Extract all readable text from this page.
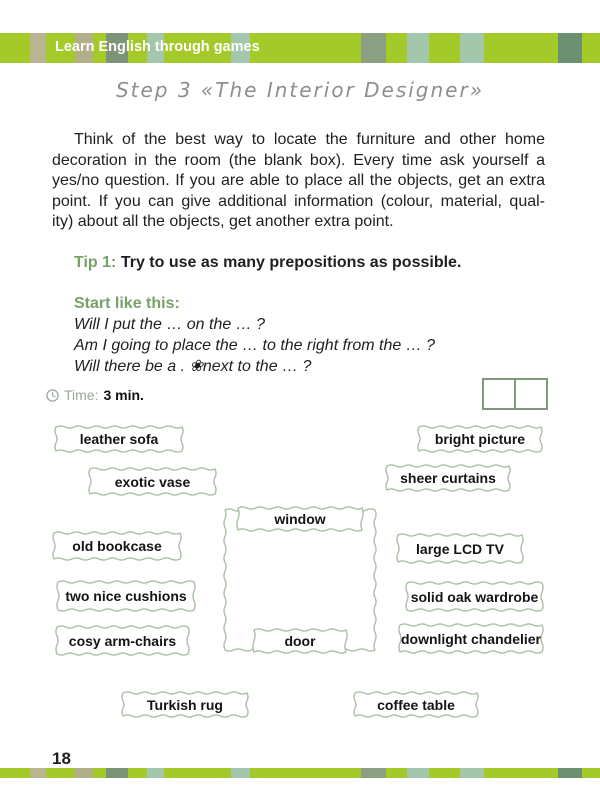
Learn English through games
Step 3 «The Interior Designer»
Think of the best way to locate the furniture and other home
decoration in the room (the blank box). Every time ask yourself a
yes/no question. If you are able to place all the objects, get an extra
point. If you can give additional information (colour, material, qual-
ity) about all the objects, get another extra point.
Tip 1: Try to use as many prepositions as possible.
Start like this:
Will I put the … on the … ?
Am I going to place the … to the right from the … ?
Will there be a . ❀next to the … ?
Time: 3 min.
leather sofa	bright picture
exotic vase	sheer curtains
old bookcase	large LCD TV
two nice cushions	solid oak wardrobe
cosy arm-chairs	downlight chandelier
Turkish rug	coffee table
window
door
18
